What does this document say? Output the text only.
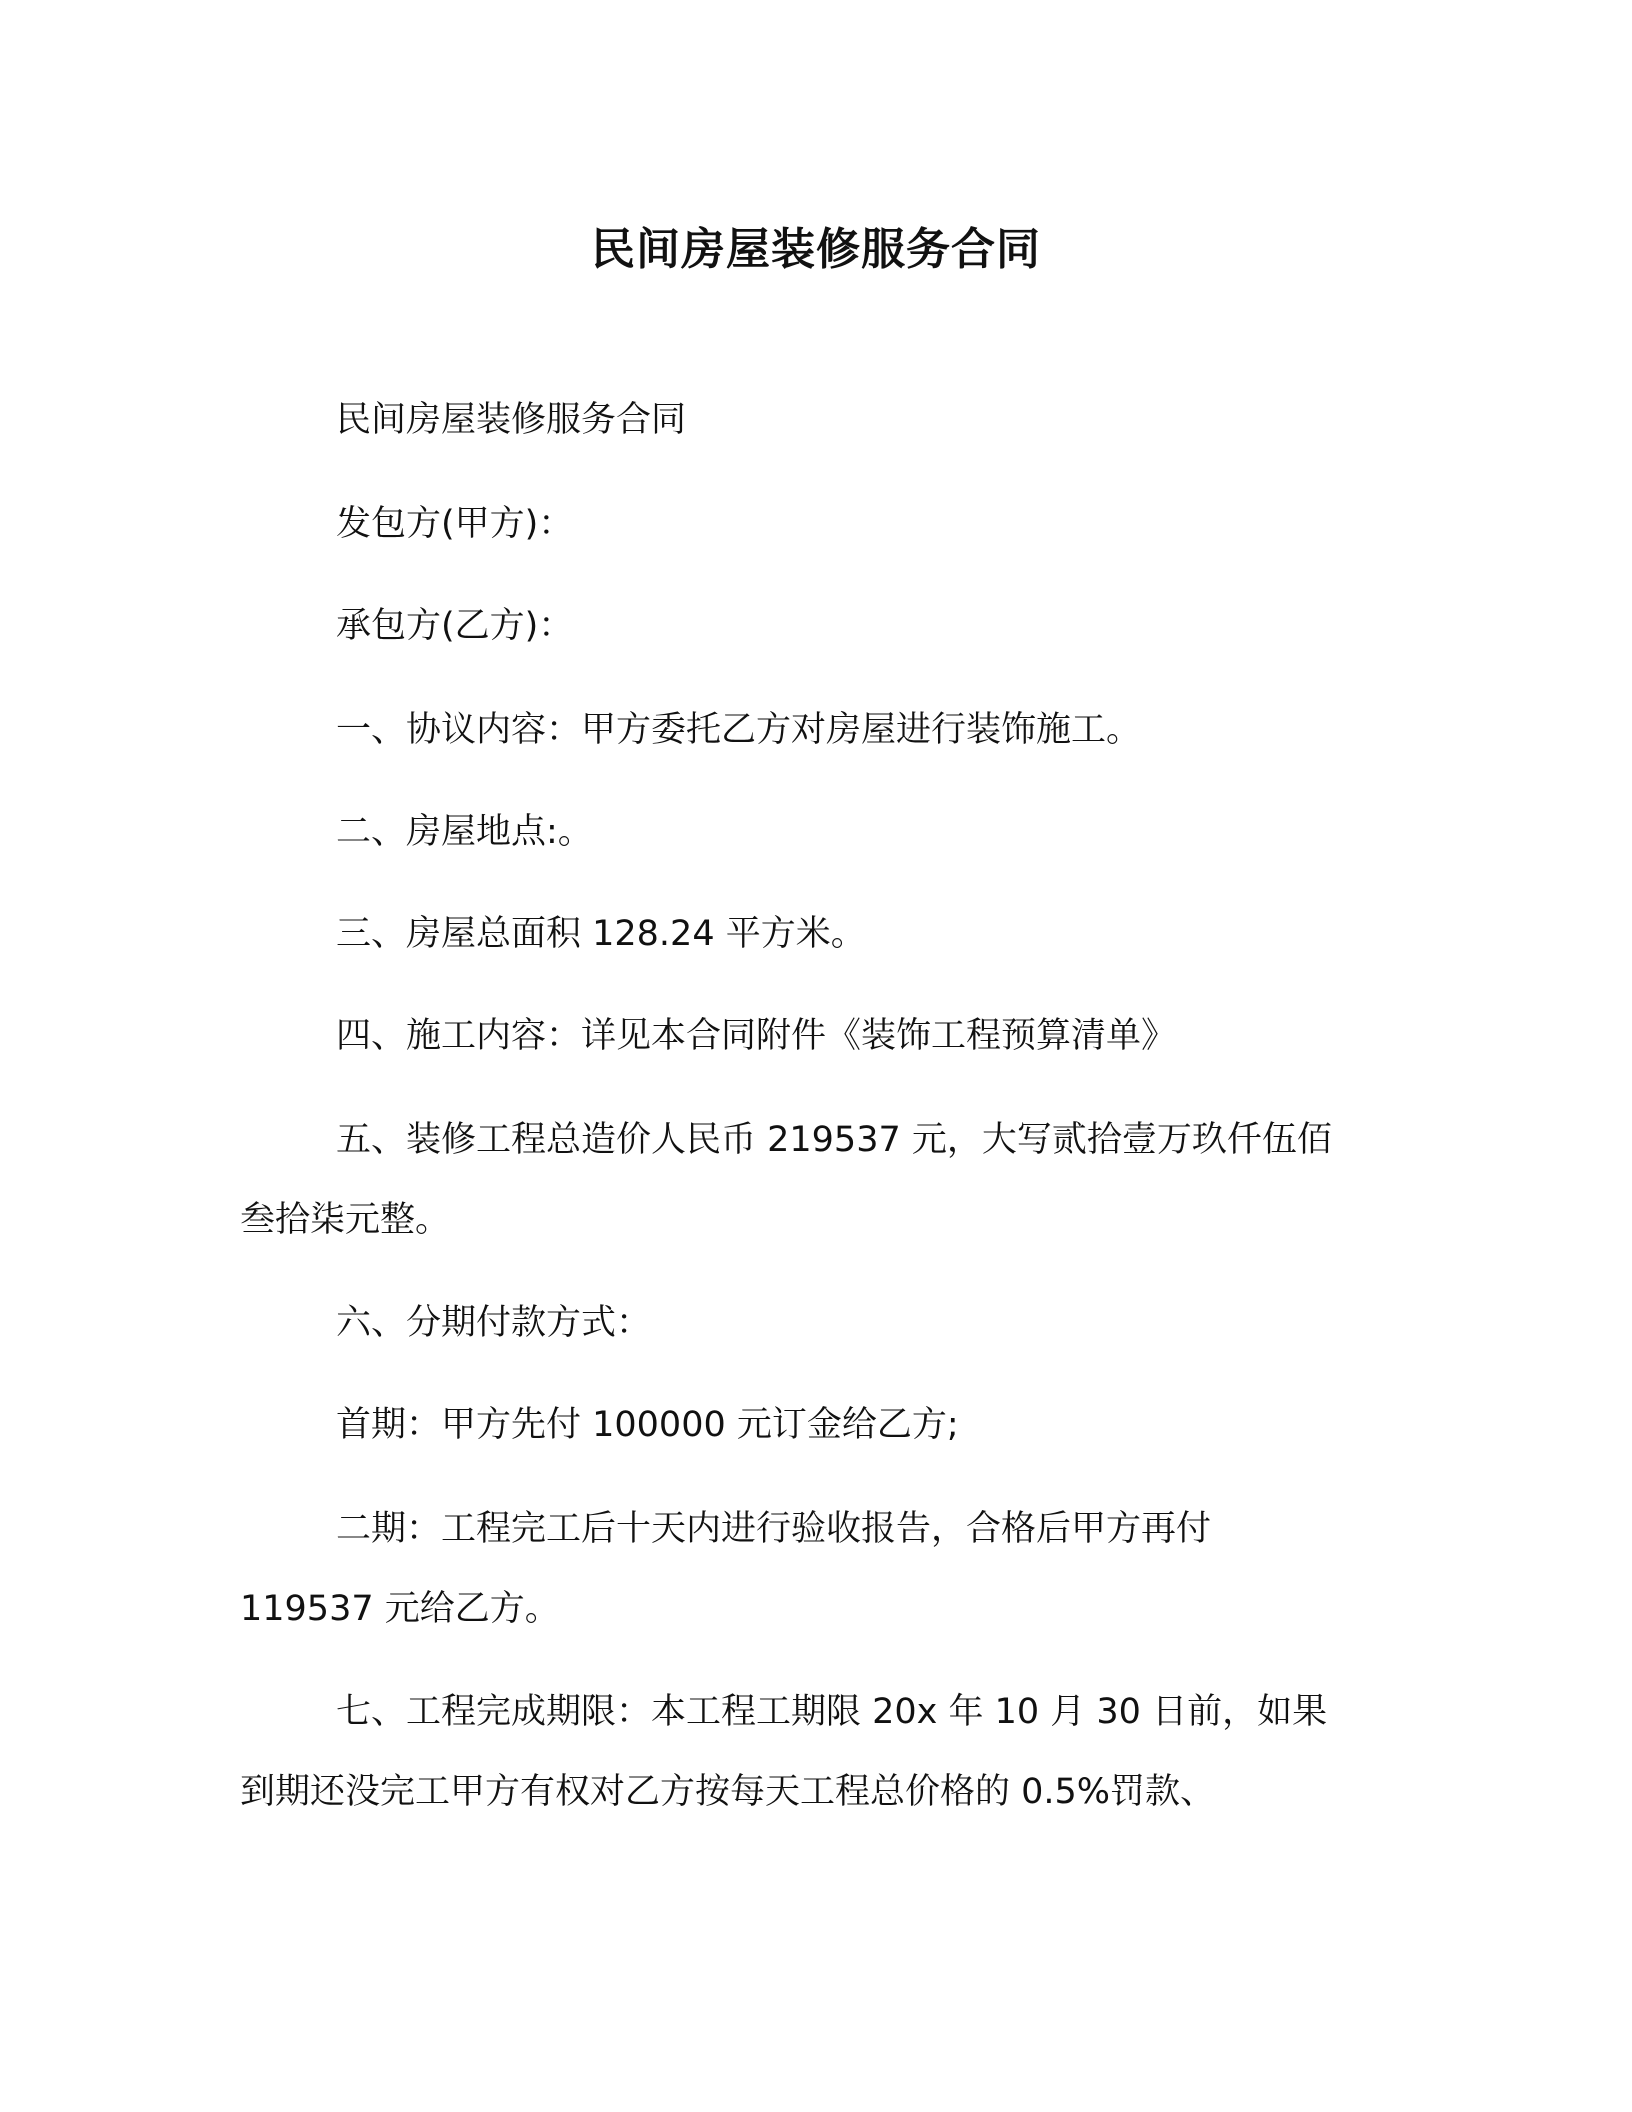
民间房屋装修服务合同

民间房屋装修服务合同

发包方(甲方)：

承包方(乙方)：

一、协议内容：甲方委托乙方对房屋进行装饰施工。

二、房屋地点:。

三、房屋总面积 128.24 平方米。

四、施工内容：详见本合同附件《装饰工程预算清单》

五、装修工程总造价人民币 219537 元，大写贰拾壹万玖仟伍佰
叁拾柒元整。

六、分期付款方式：

首期：甲方先付 100000 元订金给乙方;

二期：工程完工后十天内进行验收报告，合格后甲方再付
119537 元给乙方。

七、工程完成期限：本工程工期限 20x 年 10 月 30 日前，如果
到期还没完工甲方有权对乙方按每天工程总价格的 0.5%罚款、
